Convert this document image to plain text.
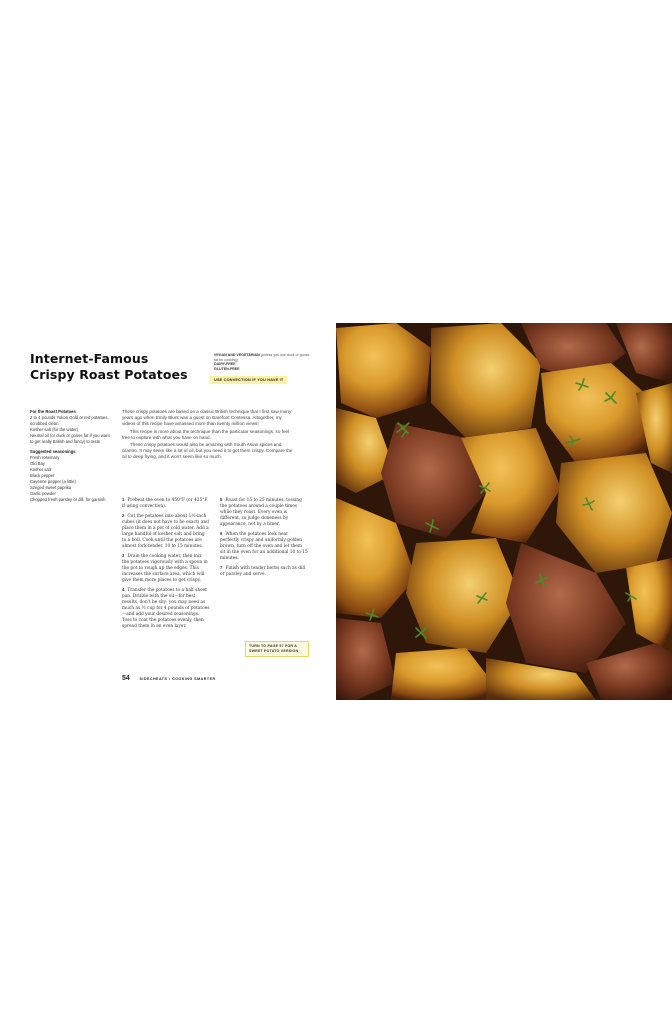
Internet-Famous
Crispy Roast Potatoes
VEGAN AND VEGETARIAN (unless you use duck or goose fat for cooking)
DAIRY-FREE
GLUTEN-FREE
USE CONVECTION IF YOU HAVE IT
For the Roast Potatoes
2 to 4 pounds Yukon Gold or red potatoes, scrubbed clean
Kosher salt (for the water)
Neutral oil (or duck or goose fat if you want to get really British and fancy) to taste
Suggested seasonings
Fresh rosemary
Old Bay
Kosher salt
Black pepper
Cayenne pepper (a little)
Szeged sweet paprika
Garlic powder
Chopped fresh parsley or dill, for garnish

These crispy potatoes are based on a classic British technique that I first saw many years ago when Emily Blunt was a guest on Barefoot Contessa. Altogether, my videos of this recipe have amassed more than twenty million views!

This recipe is more about the technique than the particular seasonings, so feel free to explore with what you have on hand.

These crispy potatoes would also be amazing with South Asian spices and cilantro. It may seem like a lot of oil, but you need it to get them crispy. Compare the oil to deep frying, and it won't seem like so much.

1 Preheat the oven to 450°F (or 425°F if using convection).

2 Cut the potatoes into about 1½-inch cubes (it does not have to be exact) and place them in a pot of cold water. Add a large handful of kosher salt and bring to a boil. Cook until the potatoes are almost fork-tender, 10 to 15 minutes.

3 Drain the cooking water, then mix the potatoes vigorously with a spoon in the pot to rough up the edges. This increases the surface area, which will give them more places to get crispy.

4 Transfer the potatoes to a half sheet pan. Drizzle with the oil—for best results, don't be shy; you may need as much as ½ cup for 4 pounds of potatoes—and add your desired seasonings. Toss to coat the potatoes evenly, then spread them in an even layer.

5 Roast for 15 to 25 minutes, tossing the potatoes around a couple times while they roast. Every oven is different, so judge doneness by appearance, not by a timer.

6 When the potatoes look near perfectly crispy and uniformly golden brown, turn off the oven and let them sit in the oven for an additional 10 to 15 minutes.

7 Finish with tender herbs such as dill or parsley and serve.

TURN TO PAGE 57 FOR A SWEET POTATO VERSION
54	SIDECHEATS • COOKING SMARTER
